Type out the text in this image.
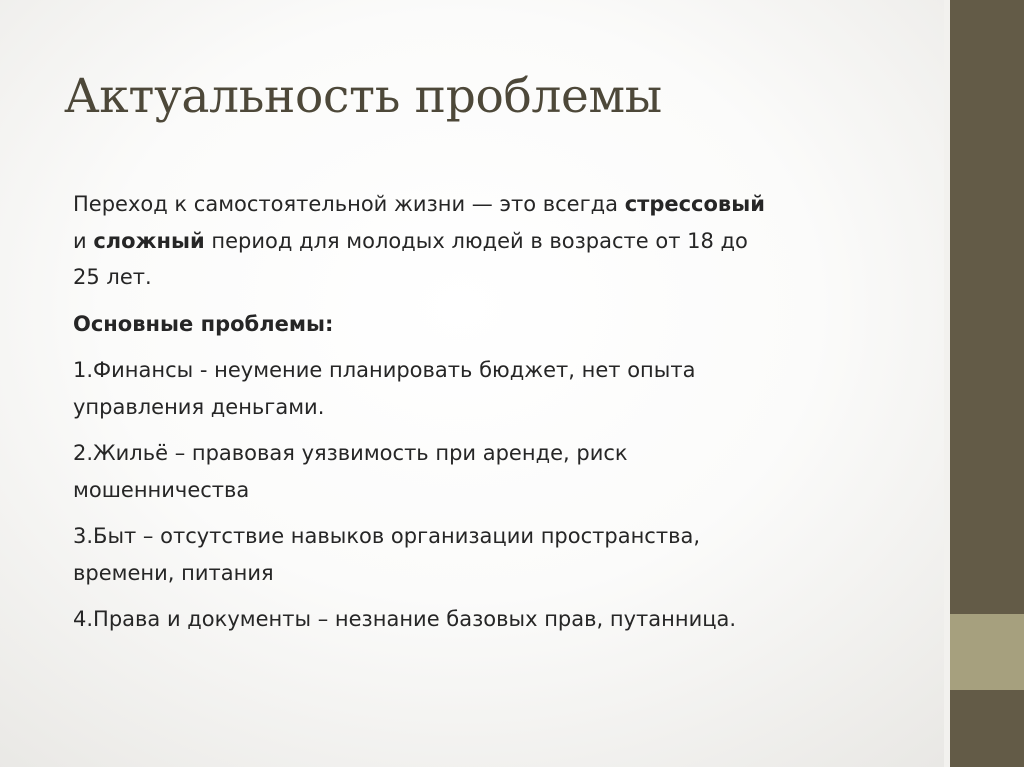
Актуальность проблемы

Переход к самостоятельной жизни — это всегда стрессовый
и сложный период для молодых людей в возрасте от 18 до
25 лет.

Основные проблемы:

1.Финансы - неумение планировать бюджет, нет опыта
управления деньгами.

2.Жильё – правовая уязвимость при аренде, риск
мошенничества

3.Быт – отсутствие навыков организации пространства,
времени, питания

4.Права и документы – незнание базовых прав, путанница.
